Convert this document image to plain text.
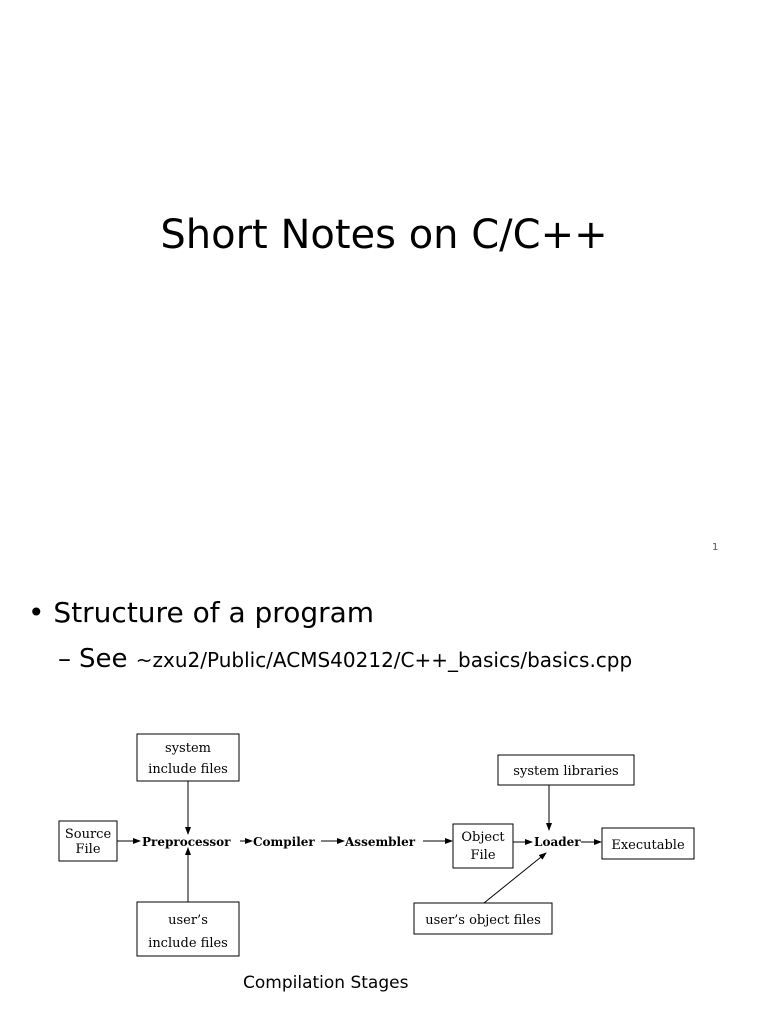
Short Notes on C/C++
1
• Structure of a program
– See ~zxu2/Public/ACMS40212/C++_basics/basics.cpp
Source
File
system
include files
user’s
include files
Preprocessor Compiler	Assembler	Object
File
system libraries
Loader
user’s object files
Executable
Compilation Stages
